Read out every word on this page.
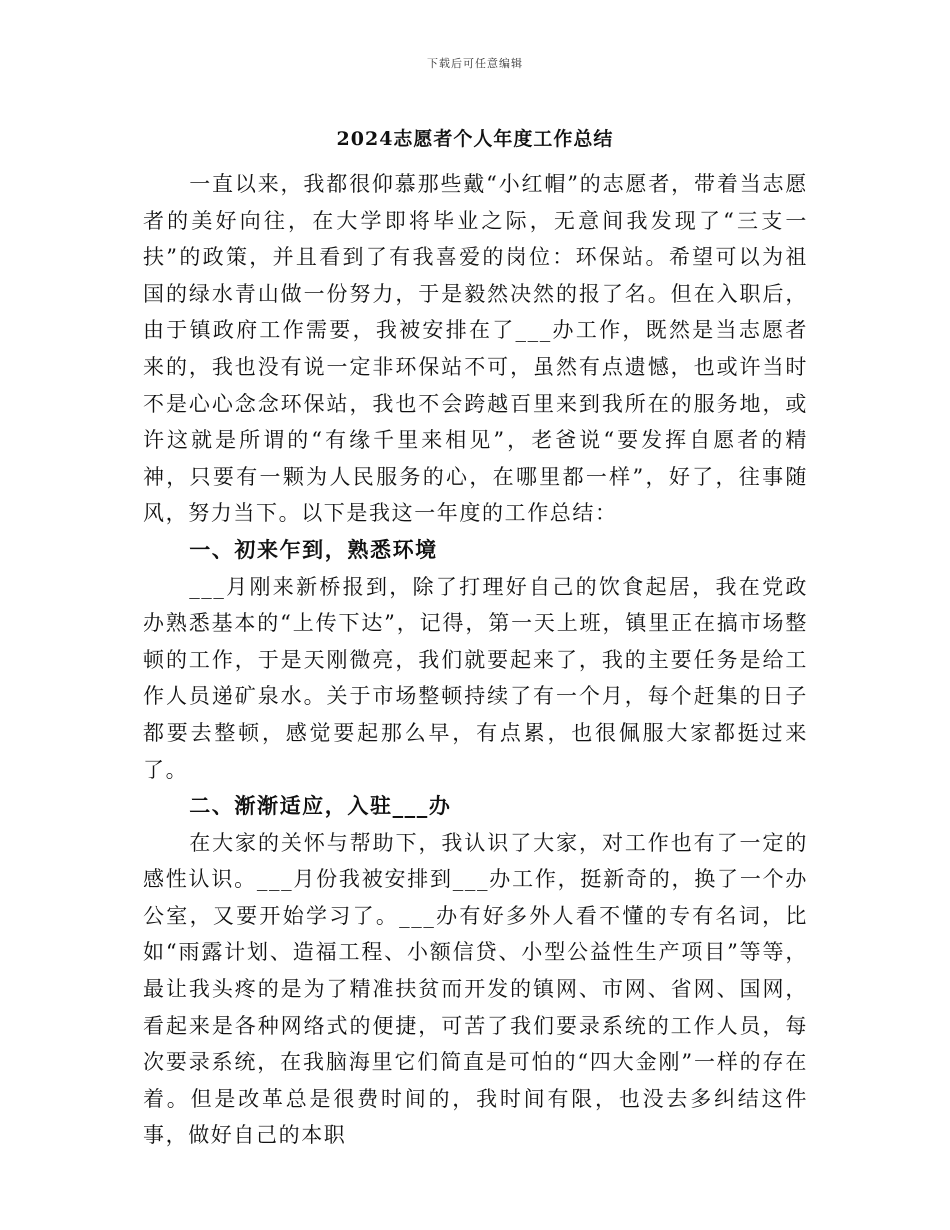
下载后可任意编辑
2024志愿者个人年度工作总结

一直以来，我都很仰慕那些戴“小红帽”的志愿者，带着当志愿者的美好向往，在大学即将毕业之际，无意间我发现了“三支一扶”的政策，并且看到了有我喜爱的岗位：环保站。希望可以为祖国的绿水青山做一份努力，于是毅然决然的报了名。但在入职后，由于镇政府工作需要，我被安排在了___办工作，既然是当志愿者来的，我也没有说一定非环保站不可，虽然有点遗憾，也或许当时不是心心念念环保站，我也不会跨越百里来到我所在的服务地，或许这就是所谓的“有缘千里来相见”，老爸说“要发挥自愿者的精神，只要有一颗为人民服务的心，在哪里都一样”，好了，往事随风，努力当下。以下是我这一年度的工作总结：

一、初来乍到，熟悉环境

___月刚来新桥报到，除了打理好自己的饮食起居，我在党政办熟悉基本的“上传下达”，记得，第一天上班，镇里正在搞市场整顿的工作，于是天刚微亮，我们就要起来了，我的主要任务是给工作人员递矿泉水。关于市场整顿持续了有一个月，每个赶集的日子都要去整顿，感觉要起那么早，有点累，也很佩服大家都挺过来了。

二、渐渐适应，入驻___办

在大家的关怀与帮助下，我认识了大家，对工作也有了一定的感性认识。___月份我被安排到___办工作，挺新奇的，换了一个办公室，又要开始学习了。___办有好多外人看不懂的专有名词，比如“雨露计划、造福工程、小额信贷、小型公益性生产项目”等等，最让我头疼的是为了精准扶贫而开发的镇网、市网、省网、国网，看起来是各种网络式的便捷，可苦了我们要录系统的工作人员，每次要录系统，在我脑海里它们简直是可怕的“四大金刚”一样的存在着。但是改革总是很费时间的，我时间有限，也没去多纠结这件事，做好自己的本职
